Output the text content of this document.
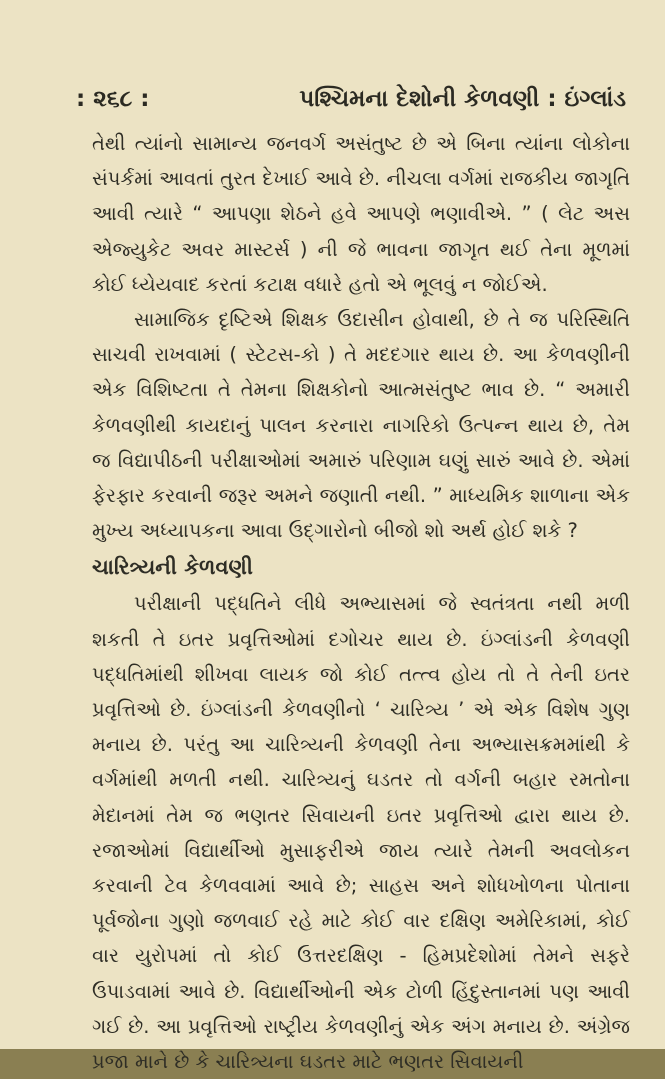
: ૨૬૮ :	પશ્ચિમના દેશોની કેળવણી : ઇંગ્લાંડ

તેથી ત્યાંનો સામાન્ય જનવર્ગ અસંતુષ્ટ છે એ બિના ત્યાંના લોકોના સંપર્કમાં આવતાં તુરત દેખાઈ આવે છે. નીચલા વર્ગમાં રાજકીય જાગૃતિ આવી ત્યારે “ આપણા શેઠને હવે આપણે ભણાવીએ. ” ( લેટ અસ એજ્યુકેટ અવર માસ્ટર્સ ) ની જે ભાવના જાગૃત થઈ તેના મૂળમાં કોઈ ધ્યેયવાદ કરતાં કટાક્ષ વધારે હતો એ ભૂલવું ન જોઈએ.

સામાજિક દૃષ્ટિએ શિક્ષક ઉદાસીન હોવાથી, છે તે જ પરિસ્થિતિ સાચવી રાખવામાં ( સ્ટેટસ-કો ) તે મદદગાર થાય છે. આ કેળવણીની એક વિશિષ્ટતા તે તેમના શિક્ષકોનો આત્મસંતુષ્ટ ભાવ છે. “ અમારી કેળવણીથી કાયદાનું પાલન કરનારા નાગરિકો ઉત્પન્ન થાય છે, તેમ જ વિદ્યાપીઠની પરીક્ષાઓમાં અમારું પરિણામ ઘણું સારું આવે છે. એમાં ફેરફાર કરવાની જરૂર અમને જણાતી નથી. ” માધ્યમિક શાળાના એક મુખ્ય અધ્યાપકના આવા ઉદ્ગારોનો બીજો શો અર્થ હોઈ શકે ?

ચારિત્ર્યની કેળવણી

પરીક્ષાની પદ્ધતિને લીધે અભ્યાસમાં જે સ્વતંત્રતા નથી મળી શકતી તે ઇતર પ્રવૃત્તિઓમાં દગોચર થાય છે. ઇંગ્લાંડની કેળવણી પદ્ધતિમાંથી શીખવા લાયક જો કોઈ તત્ત્વ હોય તો તે તેની ઇતર પ્રવૃત્તિઓ છે. ઇંગ્લાંડની કેળવણીનો ‘ ચારિત્ર્ય ’ એ એક વિશેષ ગુણ મનાય છે. પરંતુ આ ચારિત્ર્યની કેળવણી તેના અભ્યાસક્રમમાંથી કે વર્ગમાંથી મળતી નથી. ચારિત્ર્યનું ઘડતર તો વર્ગની બહાર રમતોના મેદાનમાં તેમ જ ભણતર સિવાયની ઇતર પ્રવૃત્તિઓ દ્વારા થાય છે. રજાઓમાં વિદ્યાર્થીઓ મુસાફરીએ જાય ત્યારે તેમની અવલોકન કરવાની ટેવ કેળવવામાં આવે છે; સાહસ અને શોધખોળના પોતાના પૂર્વજોના ગુણો જળવાઈ રહે માટે કોઈ વાર દક્ષિણ અમેરિકામાં, કોઈ વાર યુરોપમાં તો કોઈ ઉત્તરદક્ષિણ - હિમપ્રદેશોમાં તેમને સફરે ઉપાડવામાં આવે છે. વિદ્યાર્થીઓની એક ટોળી હિંદુસ્તાનમાં પણ આવી ગઈ છે. આ પ્રવૃત્તિઓ રાષ્ટ્રીય કેળવણીનું એક અંગ મનાય છે. અંગ્રેજ પ્રજા માને છે કે ચારિત્ર્યના ઘડતર માટે ભણતર સિવાયની
